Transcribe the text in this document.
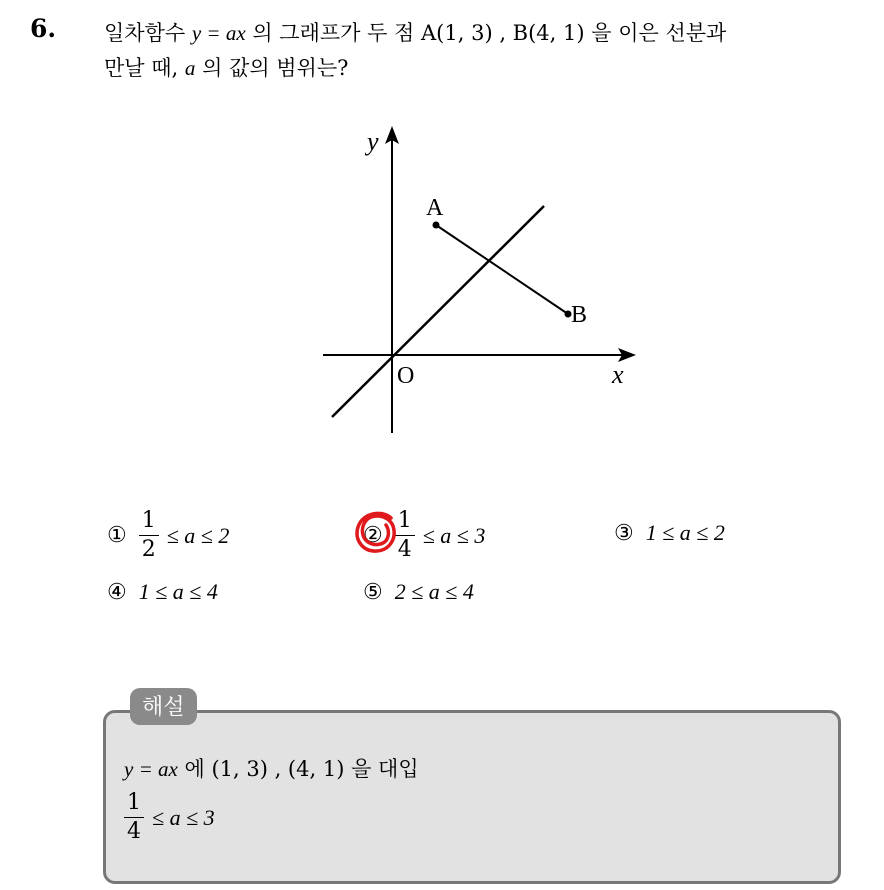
6. 일차함수 y = ax 의 그래프가 두 점 A(1, 3) , B(4, 1) 을 이은 선분과
만날 때, a 의 값의 범위는?
A
B
O	x
y
① $\frac{1}{2} \le a \le 2$	② $\frac{1}{4} \le a \le 3$	③ 1 ≤ a ≤ 2
④ 1 ≤ a ≤ 4	⑤ 2 ≤ a ≤ 4
해설
y = ax 에 (1, 3) , (4, 1) 을 대입
$\frac{1}{4} \le a \le 3$
